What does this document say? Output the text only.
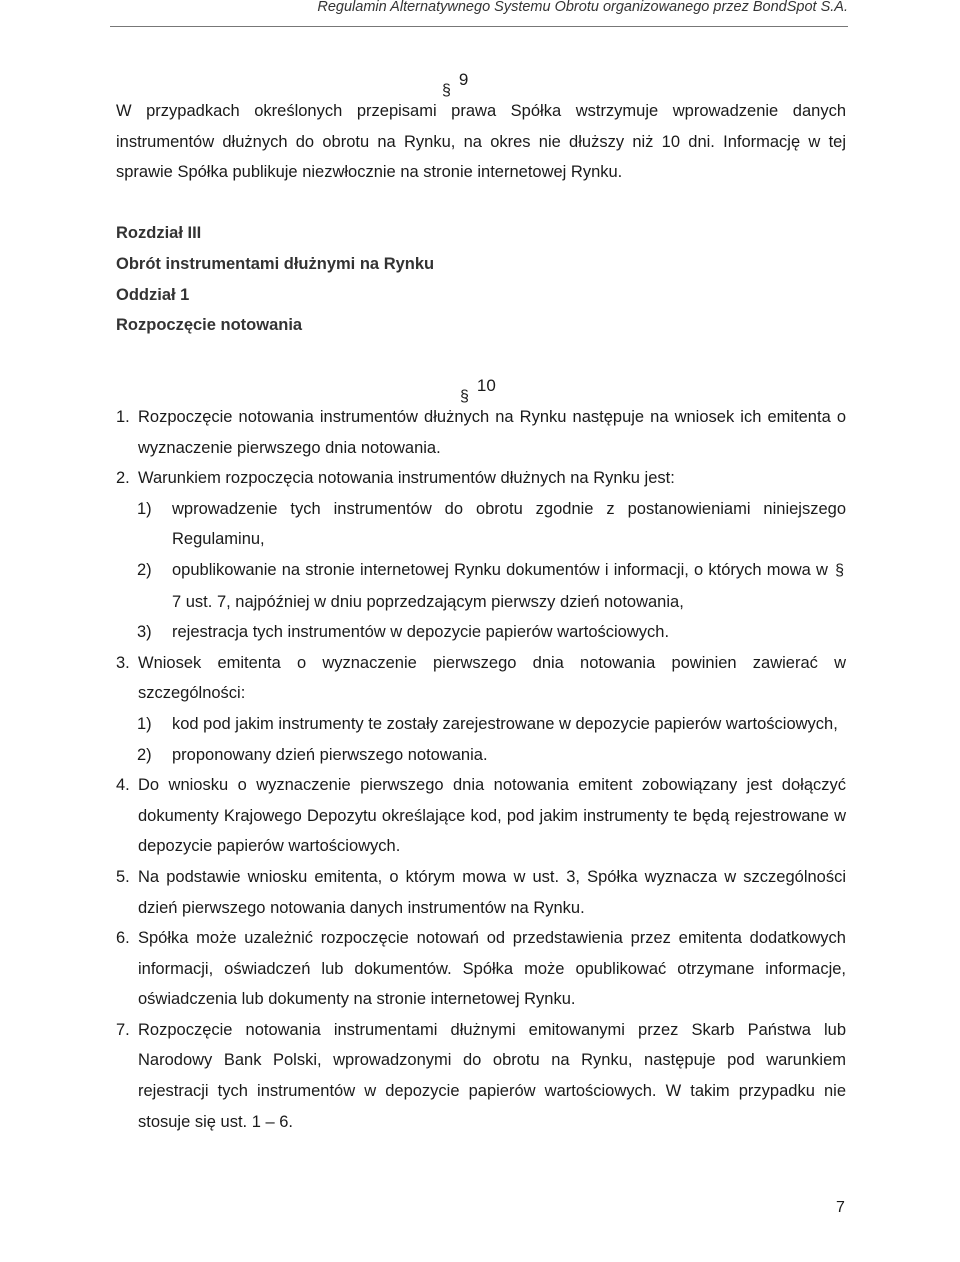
Regulamin Alternatywnego Systemu Obrotu organizowanego przez BondSpot S.A.
§9
W przypadkach określonych przepisami prawa Spółka wstrzymuje wprowadzenie danych instrumentów dłużnych do obrotu na Rynku, na okres nie dłuższy niż 10 dni. Informację w tej sprawie Spółka publikuje niezwłocznie na stronie internetowej Rynku.
Rozdział III
Obrót instrumentami dłużnymi na Rynku
Oddział 1
Rozpoczęcie notowania
§10
1. Rozpoczęcie notowania instrumentów dłużnych na Rynku następuje na wniosek ich emitenta o wyznaczenie pierwszego dnia notowania.
2. Warunkiem rozpoczęcia notowania instrumentów dłużnych na Rynku jest:
1)	wprowadzenie tych instrumentów do obrotu zgodnie z postanowieniami niniejszego Regulaminu,
2)	opublikowanie na stronie internetowej Rynku dokumentów i informacji, o których mowa w § 7 ust. 7, najpóźniej w dniu poprzedzającym pierwszy dzień notowania,
3)	rejestracja tych instrumentów w depozycie papierów wartościowych.
3. Wniosek emitenta o wyznaczenie pierwszego dnia notowania powinien zawierać w szczególności:
1)	kod pod jakim instrumenty te zostały zarejestrowane w depozycie papierów wartościowych,
2)	proponowany dzień pierwszego notowania.
4. Do wniosku o wyznaczenie pierwszego dnia notowania emitent zobowiązany jest dołączyć dokumenty Krajowego Depozytu określające kod, pod jakim instrumenty te będą rejestrowane w depozycie papierów wartościowych.
5. Na podstawie wniosku emitenta, o którym mowa w ust. 3, Spółka wyznacza w szczególności dzień pierwszego notowania danych instrumentów na Rynku.
6. Spółka może uzależnić rozpoczęcie notowań od przedstawienia przez emitenta dodatkowych informacji, oświadczeń lub dokumentów. Spółka może opublikować otrzymane informacje, oświadczenia lub dokumenty na stronie internetowej Rynku.
7. Rozpoczęcie notowania instrumentami dłużnymi emitowanymi przez Skarb Państwa lub Narodowy Bank Polski, wprowadzonymi do obrotu na Rynku, następuje pod warunkiem rejestracji tych instrumentów w depozycie papierów wartościowych. W takim przypadku nie stosuje się ust. 1 – 6.
7
